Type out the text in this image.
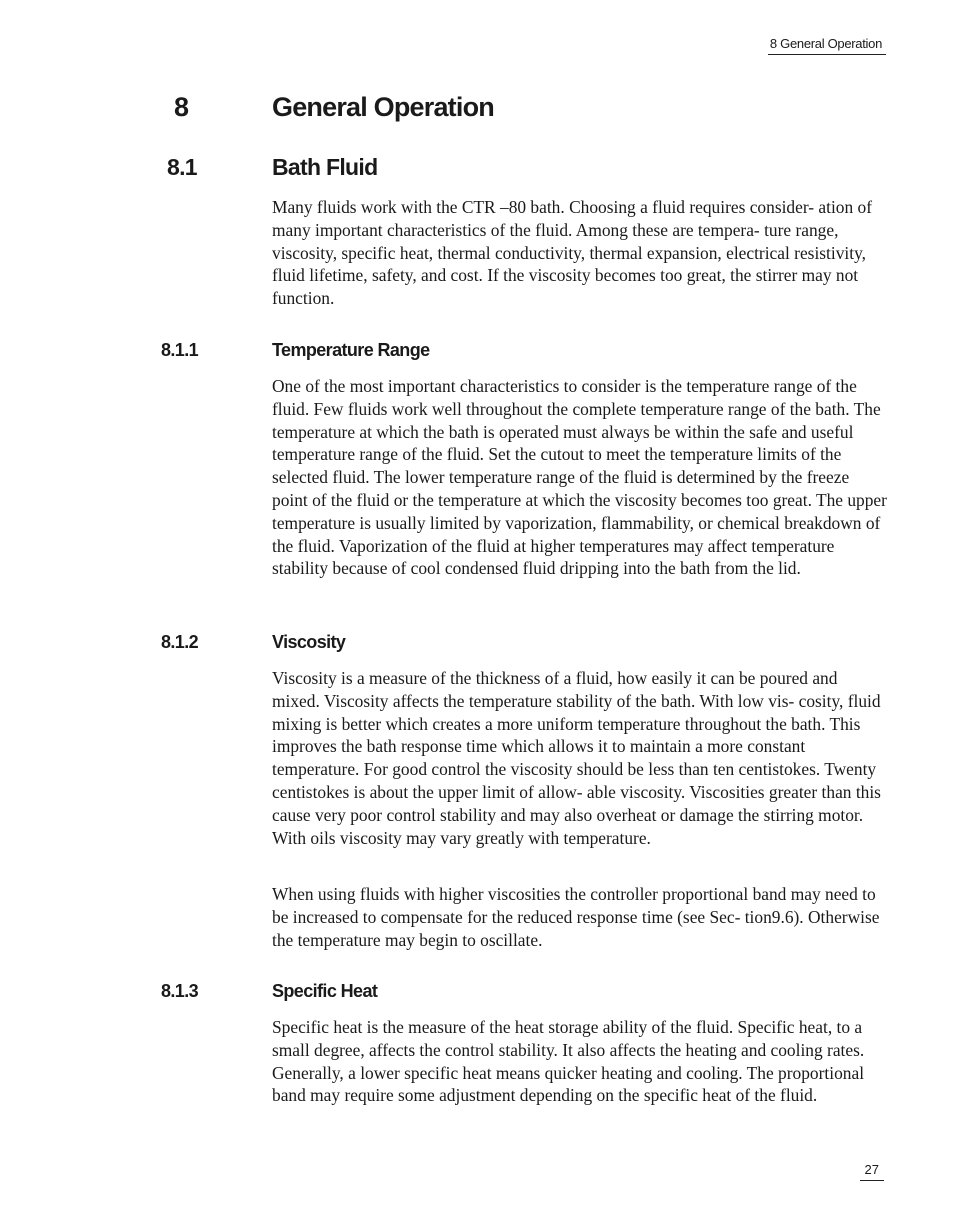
8 General Operation
8	General Operation
8.1	Bath Fluid

Many fluids work with the CTR –80 bath. Choosing a fluid requires consider- ation of many important characteristics of the fluid. Among these are tempera- ture range, viscosity, specific heat, thermal conductivity, thermal expansion, electrical resistivity, fluid lifetime, safety, and cost. If the viscosity becomes too great, the stirrer may not function.

8.1.1	Temperature Range

One of the most important characteristics to consider is the temperature range of the fluid. Few fluids work well throughout the complete temperature range of the bath. The temperature at which the bath is operated must always be within the safe and useful temperature range of the fluid. Set the cutout to meet the temperature limits of the selected fluid. The lower temperature range of the fluid is determined by the freeze point of the fluid or the temperature at which the viscosity becomes too great. The upper temperature is usually limited by vaporization, flammability, or chemical breakdown of the fluid. Vaporization of the fluid at higher temperatures may affect temperature stability because of cool condensed fluid dripping into the bath from the lid.

8.1.2	Viscosity

Viscosity is a measure of the thickness of a fluid, how easily it can be poured and mixed. Viscosity affects the temperature stability of the bath. With low vis- cosity, fluid mixing is better which creates a more uniform temperature throughout the bath. This improves the bath response time which allows it to maintain a more constant temperature. For good control the viscosity should be less than ten centistokes. Twenty centistokes is about the upper limit of allow- able viscosity. Viscosities greater than this cause very poor control stability and may also overheat or damage the stirring motor. With oils viscosity may vary greatly with temperature.

When using fluids with higher viscosities the controller proportional band may need to be increased to compensate for the reduced response time (see Sec- tion9.6). Otherwise the temperature may begin to oscillate.

8.1.3	Specific Heat

Specific heat is the measure of the heat storage ability of the fluid. Specific heat, to a small degree, affects the control stability. It also affects the heating and cooling rates. Generally, a lower specific heat means quicker heating and cooling. The proportional band may require some adjustment depending on the specific heat of the fluid.

27
